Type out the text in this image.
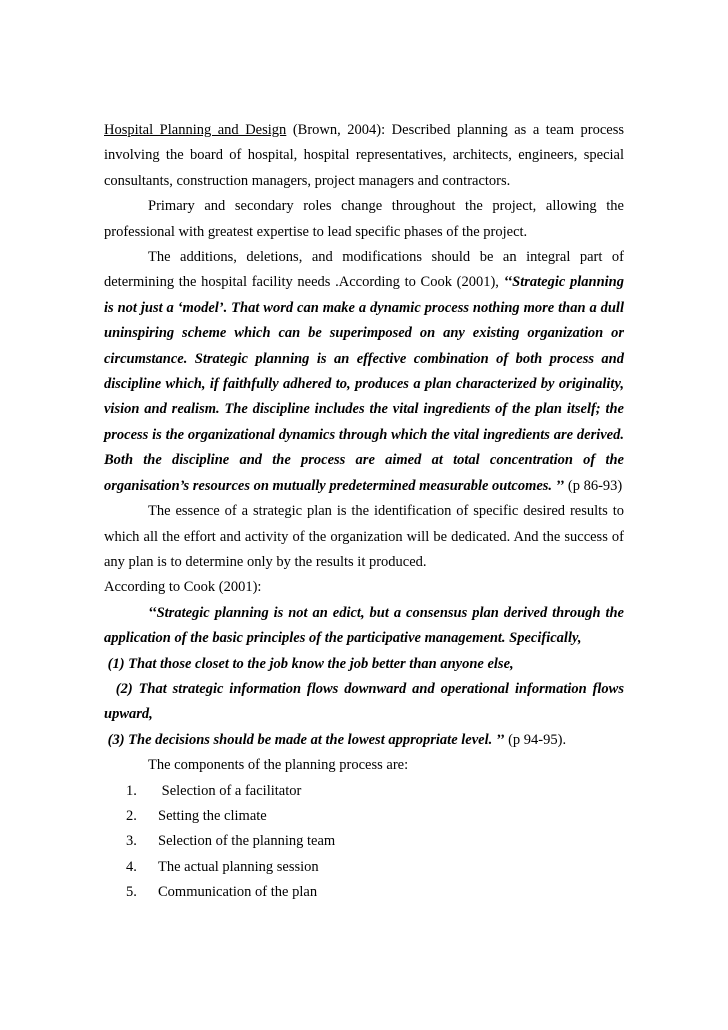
Hospital Planning and Design (Brown, 2004): Described planning as a team process involving the board of hospital, hospital representatives, architects, engineers, special consultants, construction managers, project managers and contractors.

Primary and secondary roles change throughout the project, allowing the professional with greatest expertise to lead specific phases of the project.

The additions, deletions, and modifications should be an integral part of determining the hospital facility needs .According to Cook (2001), ‘‘Strategic planning is not just a ‘model’. That word can make a dynamic process nothing more than a dull uninspiring scheme which can be superimposed on any existing organization or circumstance. Strategic planning is an effective combination of both process and discipline which, if faithfully adhered to, produces a plan characterized by originality, vision and realism. The discipline includes the vital ingredients of the plan itself; the process is the organizational dynamics through which the vital ingredients are derived. Both the discipline and the process are aimed at total concentration of the organisation’s resources on mutually predetermined measurable outcomes. ’’ (p 86-93)

The essence of a strategic plan is the identification of specific desired results to which all the effort and activity of the organization will be dedicated. And the success of any plan is to determine only by the results it produced.

According to Cook (2001):

‘‘Strategic planning is not an edict, but a consensus plan derived through the application of the basic principles of the participative management. Specifically,

(1) That those closet to the job know the job better than anyone else,

(2) That strategic information flows downward and operational information flows upward,

(3) The decisions should be made at the lowest appropriate level. ’’ (p 94-95).

The components of the planning process are:

1. Selection of a facilitator
2. Setting the climate
3. Selection of the planning team
4. The actual planning session
5. Communication of the plan
